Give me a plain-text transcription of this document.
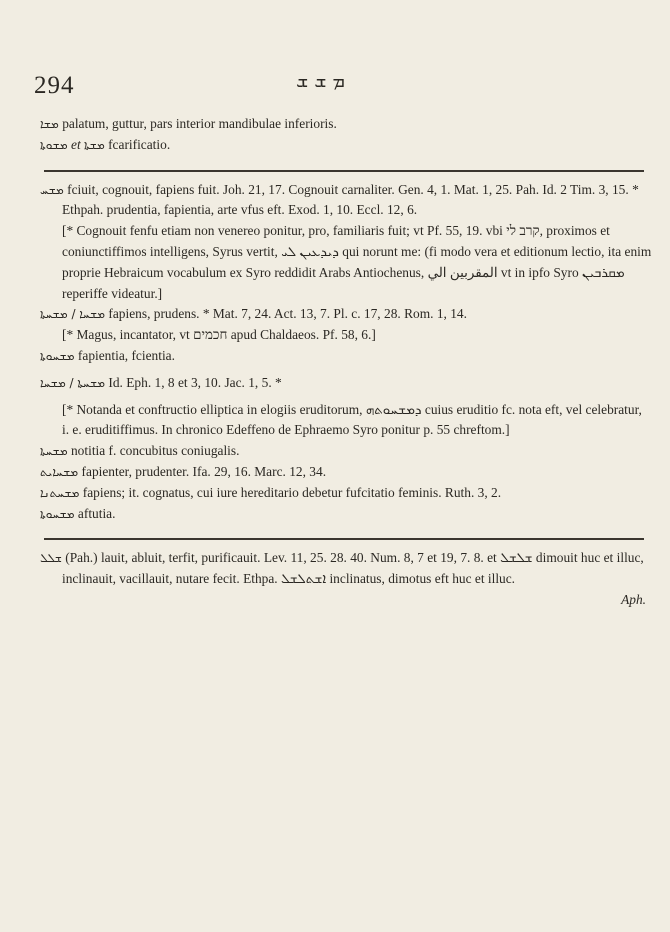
294	ܡ ܫ ܫ

ܡܫܐ palatum, guttur, pars interior mandibulae inferioris.

ܡܫܘܬܐ et ܡܫܬܐ fcarificatio.

ܡܫܚ fciuit, cognouit, fapiens fuit. Joh. 21, 17. Cognouit carnaliter. Gen. 4, 1. Mat. 1, 25. Pah. Id. 2 Tim. 3, 15. * Ethpah. prudentia, fapientia, arte vfus eft. Exod. 1, 10. Eccl. 12, 6.

[* Cognouit fenfu etiam non venereo ponitur, pro, familiaris fuit; vt Pf. 55, 19. vbi קרב לי, proximos et coniunctiffimos intelligens, Syrus vertit, ܕܝܕܥܝܢ ܠܝ qui norunt me: (fi modo vera et editionum lectio, ita enim proprie Hebraicum vocabulum ex Syro reddidit Arabs Antiochenus, المقربين الي vt in ipfo Syro ܡܩܪܒܝܢ reperiffe videatur.]

ܡܫܚܐ / ܡܫܚܬܐ fapiens, prudens. * Mat. 7, 24. Act. 13, 7. Pl. c. 17, 28. Rom. 1, 14.

[* Magus, incantator, vt חכמים apud Chaldaeos. Pf. 58, 6.]

ܡܫܚܘܬܐ fapientia, fcientia.

ܡܫܚܬܐ / ܡܫܚܐ Id. Eph. 1, 8 et 3, 10. Jac. 1, 5. *

[* Notanda et conftructio elliptica in elogiis eruditorum, ܕܡܫܚܘܬܗ cuius eruditio fc. nota eft, vel celebratur, i. e. eruditiffimus. In chronico Edeffeno de Ephraemo Syro ponitur p. 55 chreftom.]

ܡܫܚܬܐ notitia f. concubitus coniugalis.

ܡܫܚܐܝܬ fapienter, prudenter. Ifa. 29, 16. Marc. 12, 34.

ܡܫܚܬܢܐ fapiens; it. cognatus, cui iure hereditario debetur fufcitatio feminis. Ruth. 3, 2.

ܡܫܚܘܬܐ aftutia.

ܫܠܠ (Pah.) lauit, abluit, terfit, purificauit. Lev. 11, 25. 28. 40. Num. 8, 7 et 19, 7. 8. et ܫܠܫܠ dimouit huc et illuc, inclinauit, vacillauit, nutare fecit. Ethpa. ܐܫܬܠܫܠ inclinatus, dimotus eft huc et illuc.

Aph.
